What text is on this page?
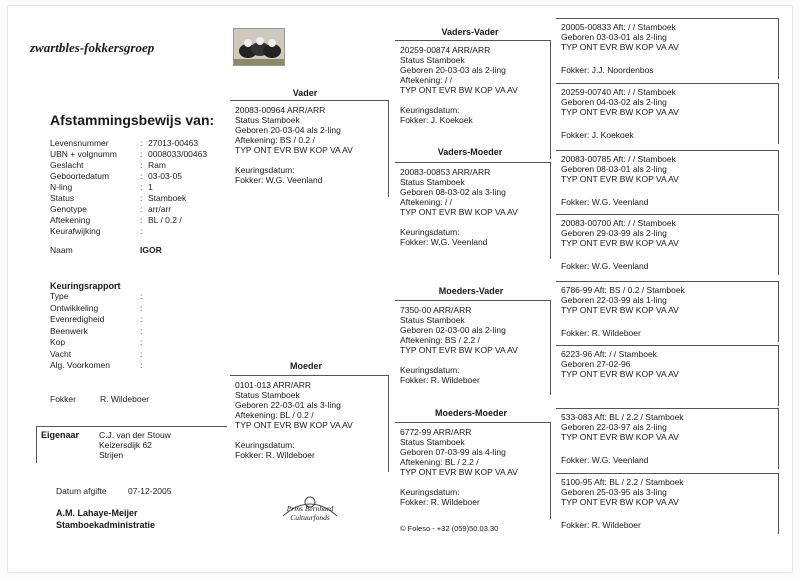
zwartbles-fokkersgroep
Afstammingsbewijs van:
Levensnummer	: 27013-00463
UBN + volgnumm	: 0008033/00463
Geslacht	: Ram
Geboortedatum	: 03-03-05
N-ling	: 1
Status	: Stamboek
Genotype	: arr/arr
Aftekening	: BL / 0.2 /
Keurafwijking	:
Naam	IGOR
Keuringsrapport
Type	:
Ontwikkeling	:
Evenredigheid	:
Beenwerk	:
Kop	:
Vacht	:
Alg. Voorkomen	:
Fokker	R. Wildeboer
Eigenaar	C.J. van der Stouw
Keizersdijk 62
Strijen
Datum afgifte	07-12-2005
A.M. Lahaye-Meijer
Stamboekadministratie
Prins Bernhard
Cultuurfonds
Vader
20083-00964 ARR/ARR
Status Stamboek
Geboren 20-03-04 als 2-ling
Aftekening: BS / 0.2 /
TYP ONT EVR BW KOP VA AV
Keuringsdatum:
Fokker: W.G. Veenland
Moeder
0101-013 ARR/ARR
Status Stamboek
Geboren 22-03-01 als 3-ling
Aftekening: BL / 0.2 /
TYP ONT EVR BW KOP VA AV
Keuringsdatum:
Fokker: R. Wildeboer
Vaders-Vader
20259-00874 ARR/ARR
Status Stamboek
Geboren 20-03-03 als 2-ling
Aftekening: / /
TYP ONT EVR BW KOP VA AV
Keuringsdatum:
Fokker: J. Koekoek
Vaders-Moeder
20083-00853 ARR/ARR
Status Stamboek
Geboren 08-03-02 als 3-ling
Aftekening: / /
TYP ONT EVR BW KOP VA AV
Keuringsdatum:
Fokker: W.G. Veenland
Moeders-Vader
7350-00 ARR/ARR
Status Stamboek
Geboren 02-03-00 als 2-ling
Aftekening: BS / 2.2 /
TYP ONT EVR BW KOP VA AV
Keuringsdatum:
Fokker: R. Wildeboer
Moeders-Moeder
6772-99 ARR/ARR
Status Stamboek
Geboren 07-03-99 als 4-ling
Aftekening: BL / 2.2 /
TYP ONT EVR BW KOP VA AV
Keuringsdatum:
Fokker: R. Wildeboer
© Foleso - +32 (059)50.03.30
20005-00833 Aft: / / Stamboek
Geboren 03-03-01 als 2-ling
TYP ONT EVR BW KOP VA AV
Fokker: J.J. Noordenbos
20259-00740 Aft: / / Stamboek
Geboren 04-03-02 als 2-ling
TYP ONT EVR BW KOP VA AV
Fokker: J. Koekoek
20083-00785 Aft: / / Stamboek
Geboren 08-03-01 als 2-ling
TYP ONT EVR BW KOP VA AV
Fokker: W.G. Veenland
20083-00700 Aft: / / Stamboek
Geboren 29-03-99 als 2-ling
TYP ONT EVR BW KOP VA AV
Fokker: W.G. Veenland
6786-99 Aft: BS / 0.2 / Stamboek
Geboren 22-03-99 als 1-ling
TYP ONT EVR BW KOP VA AV
Fokker: R. Wildeboer
6223-96 Aft: / / Stamboek
Geboren 27-02-96
TYP ONT EVR BW KOP VA AV
533-083 Aft: BL / 2.2 / Stamboek
Geboren 22-03-97 als 2-ling
TYP ONT EVR BW KOP VA AV
Fokker: W.G. Veenland
5100-95 Aft: BL / 2.2 / Stamboek
Geboren 25-03-95 als 3-ling
TYP ONT EVR BW KOP VA AV
Fokker: R. Wildeboer
